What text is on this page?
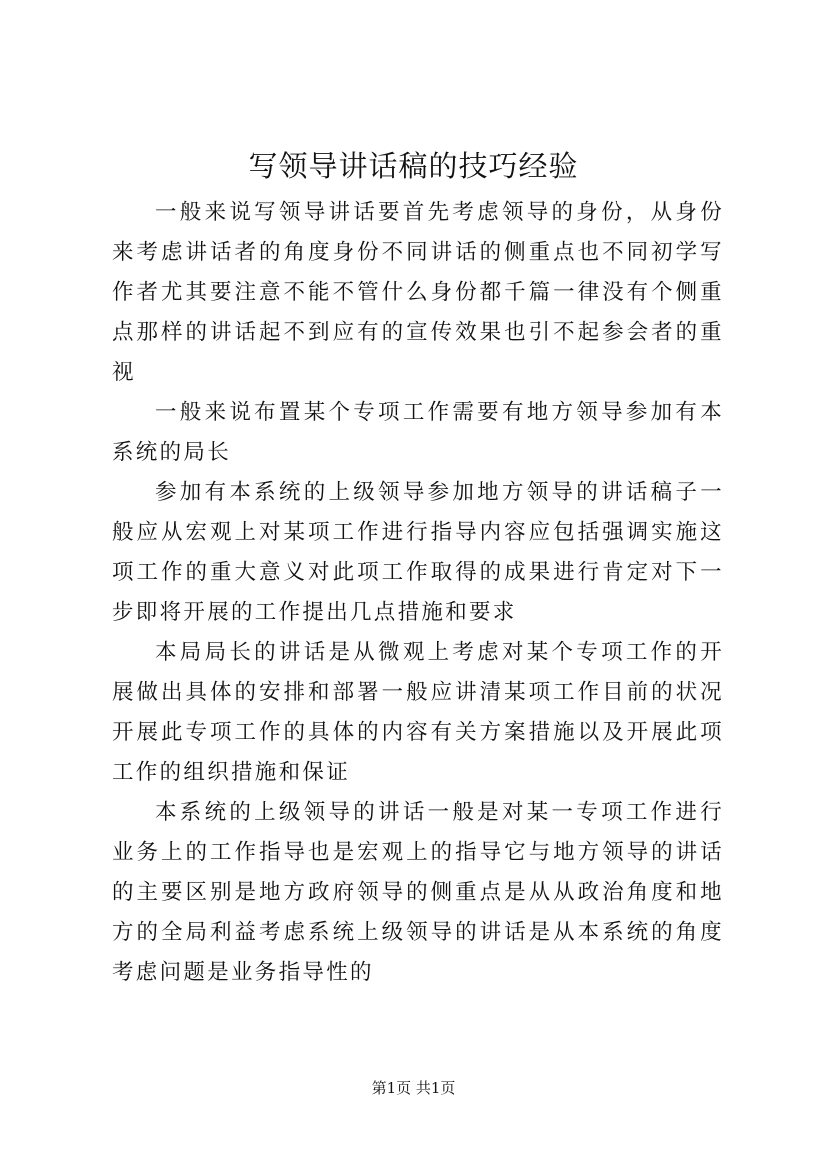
写领导讲话稿的技巧经验

一般来说写领导讲话要首先考虑领导的身份，从身份来考虑讲话者的角度身份不同讲话的侧重点也不同初学写作者尤其要注意不能不管什么身份都千篇一律没有个侧重点那样的讲话起不到应有的宣传效果也引不起参会者的重视

一般来说布置某个专项工作需要有地方领导参加有本系统的局长

参加有本系统的上级领导参加地方领导的讲话稿子一般应从宏观上对某项工作进行指导内容应包括强调实施这项工作的重大意义对此项工作取得的成果进行肯定对下一步即将开展的工作提出几点措施和要求

本局局长的讲话是从微观上考虑对某个专项工作的开展做出具体的安排和部署一般应讲清某项工作目前的状况开展此专项工作的具体的内容有关方案措施以及开展此项工作的组织措施和保证

本系统的上级领导的讲话一般是对某一专项工作进行业务上的工作指导也是宏观上的指导它与地方领导的讲话的主要区别是地方政府领导的侧重点是从从政治角度和地方的全局利益考虑系统上级领导的讲话是从本系统的角度考虑问题是业务指导性的

第1页 共1页
